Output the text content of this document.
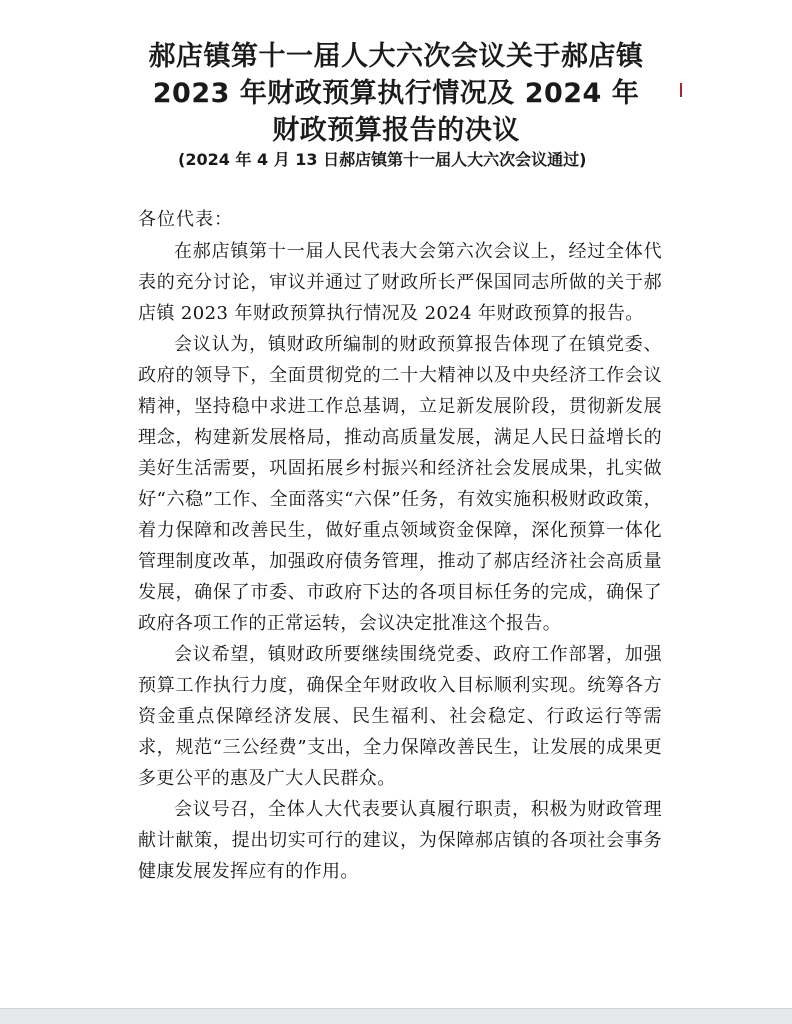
郝店镇第十一届人大六次会议关于郝店镇
2023 年财政预算执行情况及 2024 年
财政预算报告的决议
(2024 年 4 月 13 日郝店镇第十一届人大六次会议通过)
各位代表：

在郝店镇第十一届人民代表大会第六次会议上，经过全体代表的充分讨论，审议并通过了财政所长严保国同志所做的关于郝店镇 2023 年财政预算执行情况及 2024 年财政预算的报告。

会议认为，镇财政所编制的财政预算报告体现了在镇党委、政府的领导下，全面贯彻党的二十大精神以及中央经济工作会议精神，坚持稳中求进工作总基调，立足新发展阶段，贯彻新发展理念，构建新发展格局，推动高质量发展，满足人民日益增长的美好生活需要，巩固拓展乡村振兴和经济社会发展成果，扎实做好“六稳”工作、全面落实“六保”任务，有效实施积极财政政策，着力保障和改善民生，做好重点领域资金保障，深化预算一体化管理制度改革，加强政府债务管理，推动了郝店经济社会高质量发展，确保了市委、市政府下达的各项目标任务的完成，确保了政府各项工作的正常运转，会议决定批准这个报告。

会议希望，镇财政所要继续围绕党委、政府工作部署，加强预算工作执行力度，确保全年财政收入目标顺利实现。统筹各方资金重点保障经济发展、民生福利、社会稳定、行政运行等需求，规范“三公经费”支出，全力保障改善民生，让发展的成果更多更公平的惠及广大人民群众。

会议号召，全体人大代表要认真履行职责，积极为财政管理献计献策，提出切实可行的建议，为保障郝店镇的各项社会事务健康发展发挥应有的作用。
